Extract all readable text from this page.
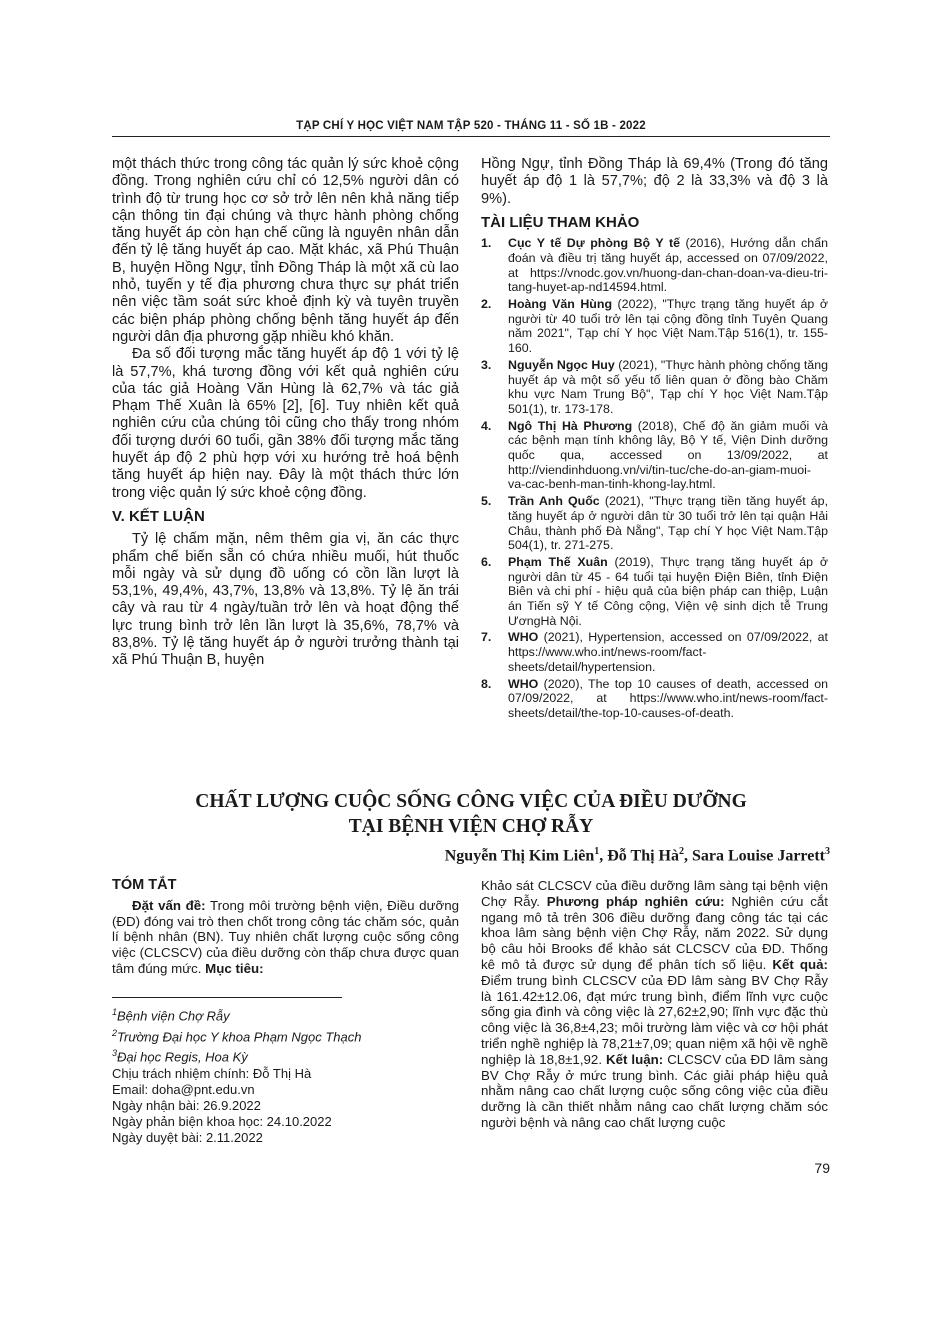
TẠP CHÍ Y HỌC VIỆT NAM TẬP 520 - THÁNG 11 - SỐ 1B - 2022

một thách thức trong công tác quản lý sức khoẻ cộng đồng. Trong nghiên cứu chỉ có 12,5% người dân có trình độ từ trung học cơ sở trở lên nên khả năng tiếp cận thông tin đại chúng và thực hành phòng chống tăng huyết áp còn hạn chế cũng là nguyên nhân dẫn đến tỷ lệ tăng huyết áp cao. Mặt khác, xã Phú Thuận B, huyện Hồng Ngự, tỉnh Đồng Tháp là một xã cù lao nhỏ, tuyến y tế địa phương chưa thực sự phát triển nên việc tầm soát sức khoẻ định kỳ và tuyên truyền các biện pháp phòng chống bệnh tăng huyết áp đến người dân địa phương gặp nhiều khó khăn.

Đa số đối tượng mắc tăng huyết áp độ 1 với tỷ lệ là 57,7%, khá tương đồng với kết quả nghiên cứu của tác giả Hoàng Văn Hùng là 62,7% và tác giả Phạm Thế Xuân là 65% [2], [6]. Tuy nhiên kết quả nghiên cứu của chúng tôi cũng cho thấy trong nhóm đối tượng dưới 60 tuổi, gần 38% đối tượng mắc tăng huyết áp độ 2 phù hợp với xu hướng trẻ hoá bệnh tăng huyết áp hiện nay. Đây là một thách thức lớn trong việc quản lý sức khoẻ cộng đồng.

V. KẾT LUẬN

Tỷ lệ chấm mặn, nêm thêm gia vị, ăn các thực phẩm chế biến sẵn có chứa nhiều muối, hút thuốc mỗi ngày và sử dụng đồ uống có cồn lần lượt là 53,1%, 49,4%, 43,7%, 13,8% và 13,8%. Tỷ lệ ăn trái cây và rau từ 4 ngày/tuần trở lên và hoạt động thể lực trung bình trở lên lần lượt là 35,6%, 78,7% và 83,8%. Tỷ lệ tăng huyết áp ở người trưởng thành tại xã Phú Thuận B, huyện

Hồng Ngự, tỉnh Đồng Tháp là 69,4% (Trong đó tăng huyết áp độ 1 là 57,7%; độ 2 là 33,3% và độ 3 là 9%).

TÀI LIỆU THAM KHẢO
1. Cục Y tế Dự phòng Bộ Y tế (2016), Hướng dẫn chẩn đoán và điều trị tăng huyết áp, accessed on 07/09/2022, at https://vnodc.gov.vn/huong-dan-chan-doan-va-dieu-tri-tang-huyet-ap-nd14594.html.
2. Hoàng Văn Hùng (2022), "Thực trạng tăng huyết áp ở người từ 40 tuổi trở lên tại cộng đồng tỉnh Tuyên Quang năm 2021", Tạp chí Y học Việt Nam.Tập 516(1), tr. 155-160.
3. Nguyễn Ngọc Huy (2021), "Thực hành phòng chống tăng huyết áp và một số yếu tố liên quan ở đồng bào Chăm khu vực Nam Trung Bộ", Tạp chí Y học Việt Nam.Tập 501(1), tr. 173-178.
4. Ngô Thị Hà Phương (2018), Chế độ ăn giảm muối và các bệnh mạn tính không lây, Bộ Y tế, Viện Dinh dưỡng quốc qua, accessed on 13/09/2022, at http://viendinhduong.vn/vi/tin-tuc/che-do-an-giam-muoi-va-cac-benh-man-tinh-khong-lay.html.
5. Trần Anh Quốc (2021), "Thực trạng tiền tăng huyết áp, tăng huyết áp ở người dân từ 30 tuổi trở lên tại quận Hải Châu, thành phố Đà Nẵng", Tạp chí Y học Việt Nam.Tập 504(1), tr. 271-275.
6. Phạm Thế Xuân (2019), Thực trạng tăng huyết áp ở người dân từ 45 - 64 tuổi tại huyện Điện Biên, tỉnh Điện Biên và chi phí - hiệu quả của biện pháp can thiệp, Luận án Tiến sỹ Y tế Công cộng, Viện vệ sinh dịch tễ Trung ƯơngHà Nội.
7. WHO (2021), Hypertension, accessed on 07/09/2022, at https://www.who.int/news-room/fact-sheets/detail/hypertension.
8. WHO (2020), The top 10 causes of death, accessed on 07/09/2022, at https://www.who.int/news-room/fact-sheets/detail/the-top-10-causes-of-death.
CHẤT LƯỢNG CUỘC SỐNG CÔNG VIỆC CỦA ĐIỀU DƯỠNG
TẠI BỆNH VIỆN CHỢ RẪY
Nguyễn Thị Kim Liên$^1$, Đỗ Thị $Hà^2$, Sara Louise Jarrett$^3$
TÓM TẮT

Đặt vấn đề: Trong môi trường bệnh viện, Điều dưỡng (ĐD) đóng vai trò then chốt trong công tác chăm sóc, quản lí bệnh nhân (BN). Tuy nhiên chất lượng cuộc sống công việc (CLCSCV) của điều dưỡng còn thấp chưa được quan tâm đúng mức. Mục tiêu:

$^1$Bệnh viện Chợ Rẫy
$^2$Trường Đại học Y khoa Phạm Ngọc Thạch
$^3$Đại học Regis, Hoa Kỳ
Chịu trách nhiệm chính: Đỗ Thị Hà
Email: doha@pnt.edu.vn
Ngày nhận bài: 26.9.2022
Ngày phản biện khoa học: 24.10.2022
Ngày duyệt bài: 2.11.2022

Khảo sát CLCSCV của điều dưỡng lâm sàng tại bệnh viện Chợ Rẫy. Phương pháp nghiên cứu: Nghiên cứu cắt ngang mô tả trên 306 điều dưỡng đang công tác tại các khoa lâm sàng bệnh viện Chợ Rẫy, năm 2022. Sử dụng bộ câu hỏi Brooks để khảo sát CLCSCV của ĐD. Thống kê mô tả được sử dụng để phân tích số liệu. Kết quả: Điểm trung bình CLCSCV của ĐD lâm sàng BV Chợ Rẫy là 161.42±12.06, đạt mức trung bình, điểm lĩnh vực cuộc sống gia đình và công việc là 27,62±2,90; lĩnh vực đặc thù công việc là 36,8±4,23; môi trường làm việc và cơ hội phát triển nghề nghiệp là 78,21±7,09; quan niệm xã hội về nghề nghiệp là 18,8±1,92. Kết luận: CLCSCV của ĐD lâm sàng BV Chợ Rẫy ở mức trung bình. Các giải pháp hiệu quả nhằm nâng cao chất lượng cuộc sống công việc của điều dưỡng là cần thiết nhằm nâng cao chất lượng chăm sóc người bệnh và nâng cao chất lượng cuộc

79
